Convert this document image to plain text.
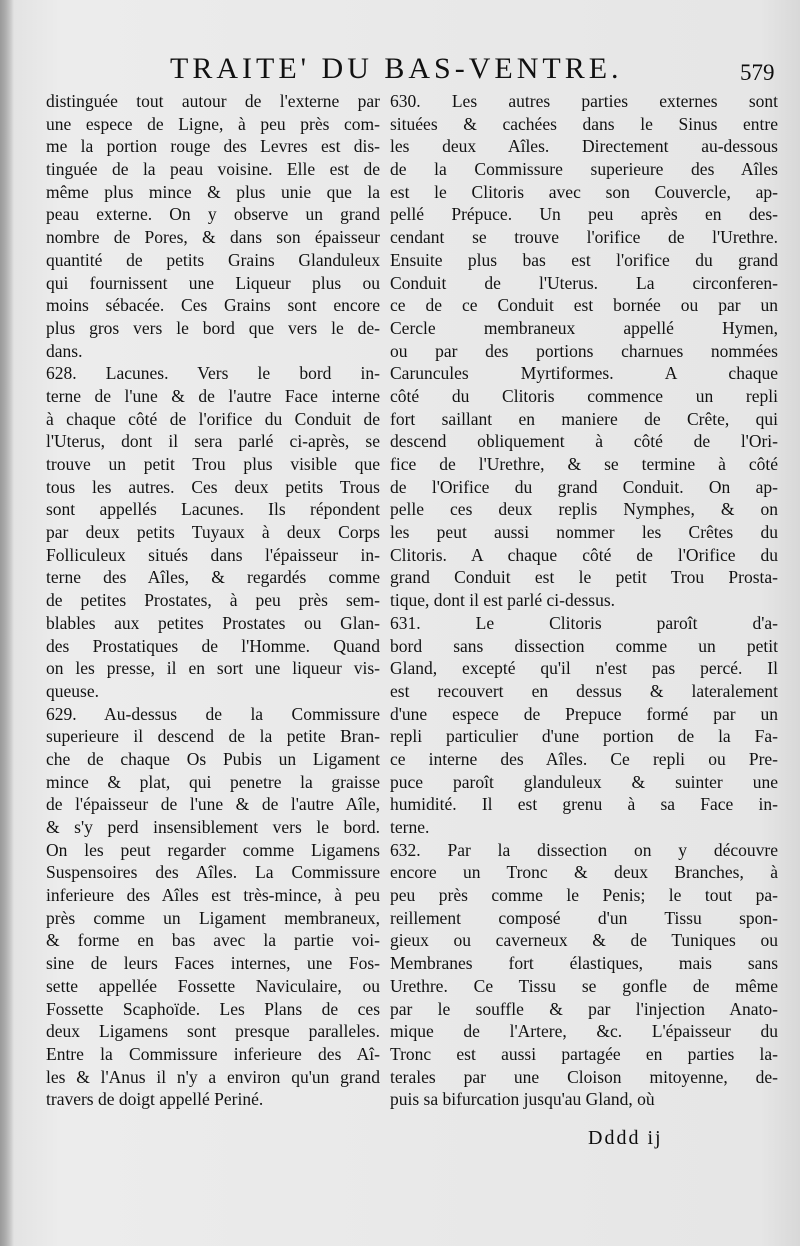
TRAITE' DU BAS-VENTRE.	579
distinguée tout autour de l'externe par
une espece de Ligne, à peu près com-
me la portion rouge des Levres est dis-
tinguée de la peau voisine. Elle est de
même plus mince & plus unie que la
peau externe. On y observe un grand
nombre de Pores, & dans son épaisseur
quantité de petits Grains Glanduleux
qui fournissent une Liqueur plus ou
moins sébacée. Ces Grains sont encore
plus gros vers le bord que vers le de-
dans.
628. Lacunes. Vers le bord in-
terne de l'une & de l'autre Face interne
à chaque côté de l'orifice du Conduit de
l'Uterus, dont il sera parlé ci-après, se
trouve un petit Trou plus visible que
tous les autres. Ces deux petits Trous
sont appellés Lacunes. Ils répondent
par deux petits Tuyaux à deux Corps
Folliculeux situés dans l'épaisseur in-
terne des Aîles, & regardés comme
de petites Prostates, à peu près sem-
blables aux petites Prostates ou Glan-
des Prostatiques de l'Homme. Quand
on les presse, il en sort une liqueur vis-
queuse.
629. Au-dessus de la Commissure
superieure il descend de la petite Bran-
che de chaque Os Pubis un Ligament
mince & plat, qui penetre la graisse
de l'épaisseur de l'une & de l'autre Aîle,
& s'y perd insensiblement vers le bord.
On les peut regarder comme Ligamens
Suspensoires des Aîles. La Commissure
inferieure des Aîles est très-mince, à peu
près comme un Ligament membraneux,
& forme en bas avec la partie voi-
sine de leurs Faces internes, une Fos-
sette appellée Fossette Naviculaire, ou
Fossette Scaphoïde. Les Plans de ces
deux Ligamens sont presque paralleles.
Entre la Commissure inferieure des Aî-
les & l'Anus il n'y a environ qu'un grand
travers de doigt appellé Periné.
630. Les autres parties externes sont
situées & cachées dans le Sinus entre
les deux Aîles. Directement au-dessous
de la Commissure superieure des Aîles
est le Clitoris avec son Couvercle, ap-
pellé Prépuce. Un peu après en des-
cendant se trouve l'orifice de l'Urethre.
Ensuite plus bas est l'orifice du grand
Conduit de l'Uterus. La circonferen-
ce de ce Conduit est bornée ou par un
Cercle membraneux appellé Hymen,
ou par des portions charnues nommées
Caruncules Myrtiformes. A chaque
côté du Clitoris commence un repli
fort saillant en maniere de Crête, qui
descend obliquement à côté de l'Ori-
fice de l'Urethre, & se termine à côté
de l'Orifice du grand Conduit. On ap-
pelle ces deux replis Nymphes, & on
les peut aussi nommer les Crêtes du
Clitoris. A chaque côté de l'Orifice du
grand Conduit est le petit Trou Prosta-
tique, dont il est parlé ci-dessus.
631. Le Clitoris paroît d'a-
bord sans dissection comme un petit
Gland, excepté qu'il n'est pas percé. Il
est recouvert en dessus & lateralement
d'une espece de Prepuce formé par un
repli particulier d'une portion de la Fa-
ce interne des Aîles. Ce repli ou Pre-
puce paroît glanduleux & suinter une
humidité. Il est grenu à sa Face in-
terne.
632. Par la dissection on y découvre
encore un Tronc & deux Branches, à
peu près comme le Penis; le tout pa-
reillement composé d'un Tissu spon-
gieux ou caverneux & de Tuniques ou
Membranes fort élastiques, mais sans
Urethre. Ce Tissu se gonfle de même
par le souffle & par l'injection Anato-
mique de l'Artere, &c. L'épaisseur du
Tronc est aussi partagée en parties la-
terales par une Cloison mitoyenne, de-
puis sa bifurcation jusqu'au Gland, où
Dddd ij
